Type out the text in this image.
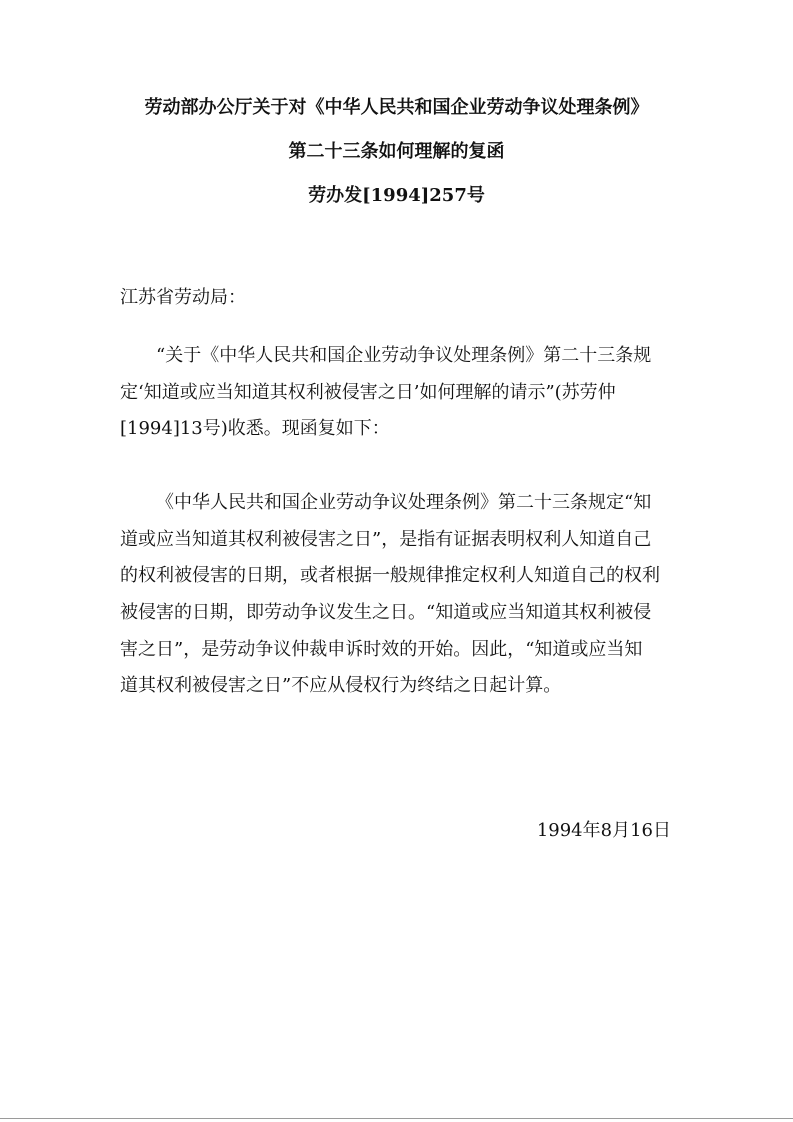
劳动部办公厅关于对《中华人民共和国企业劳动争议处理条例》
第二十三条如何理解的复函
劳办发[1994]257号
江苏省劳动局：
“关于《中华人民共和国企业劳动争议处理条例》第二十三条规
定‘知道或应当知道其权利被侵害之日’如何理解的请示”(苏劳仲
[1994]13号)收悉。现函复如下：
《中华人民共和国企业劳动争议处理条例》第二十三条规定“知
道或应当知道其权利被侵害之日”，是指有证据表明权利人知道自己
的权利被侵害的日期，或者根据一般规律推定权利人知道自己的权利
被侵害的日期，即劳动争议发生之日。“知道或应当知道其权利被侵
害之日”，是劳动争议仲裁申诉时效的开始。因此，“知道或应当知
道其权利被侵害之日”不应从侵权行为终结之日起计算。
1994年8月16日
